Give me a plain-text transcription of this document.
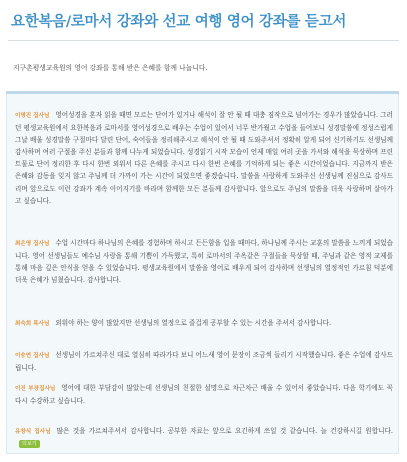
요한복음/로마서 강좌와 선교 여행 영어 강좌를 듣고서
지구촌평생교육원의 영어 강좌를 통해 받은 은혜를 함께 나눕니다.
이명진 집사님 영어성경을 혼자 읽을 때면 모르는 단어가 있거나 해석이 잘 안 될 때 대충 짐작으로 넘어가는 경우가 많았습니다. 그러던 평생교육원에서 요한복음과 로마서를 영어성경으로 배우는 수업이 있어서 너무 반가웠고 수업을 들어보니 성경말씀에 정성스럽게 그날 배울 성경말씀 구절마다 달린 단어, 숙어들을 정리해주시고 해석이 안 될 때 도와주셔서 정확히 알게 되어 신기하기도 선생님께 감사하며 여러 구절을 주신 분들과 함께 나누게 되었습니다. 성경읽기 시작 모습이 언제 매일 여러 곳을 가서와 해석을 묵상하며 프린트물로 단어 정리한 후 다시 한번 외워서 다른 은혜를 주시고 다시 한번 은혜를 기억하게 되는 좋은 시간이었습니다. 지금까지 받은 은혜와 감동을 잊지 않고 주님께 더 가까이 가는 시간이 되었으면 좋겠습니다. 말씀을 사랑하게 도와주신 선생님께 진심으로 감사드리며 앞으로도 이런 강좌가 계속 이어지기를 바라며 함께한 모든 분들께 감사합니다. 앞으로도 주님의 말씀을 더욱 사랑하며 살아가고 싶습니다.
최은영 집사님 수업 시간마다 하나님의 은혜를 경험하며 하시고 든든함을 입을 때마다, 하나님께 주시는 교훈의 말씀을 느끼게 되었습니다. 영어 선생님들도 예수님 사랑을 통해 기쁨이 가득했고, 특히 로마서의 주옥같은 구절들을 묵상할 때, 주님과 같은 영적 교제를 통해 마음 깊은 안식을 얻을 수 있었습니다. 평생교육원에서 말씀을 영어로 배우게 되어 감사하며 선생님의 열정적인 가르침 덕분에 더욱 은혜가 넘쳤습니다. 감사합니다.
최숙희 목사님 외워야 하는 양이 많았지만 선생님의 열정으로 즐겁게 공부할 수 있는 시간을 주셔서 감사합니다.
이승연 집사님 선생님이 가르쳐주신 대로 열심히 따라가다 보니 어느새 영어 문장이 조금씩 들리기 시작했습니다. 좋은 수업에 감사드립니다.
이진 부장집사님 영어에 대한 부담감이 많았는데 선생님의 친절한 설명으로 차근차근 배울 수 있어서 좋았습니다. 다음 학기에도 꼭 다시 수강하고 싶습니다.
유창식 집사님 많은 것을 가르쳐주셔서 감사합니다. 공부한 자료는 앞으로 요긴하게 쓰일 것 같습니다. 늘 건강하시길 원합니다.더보기
